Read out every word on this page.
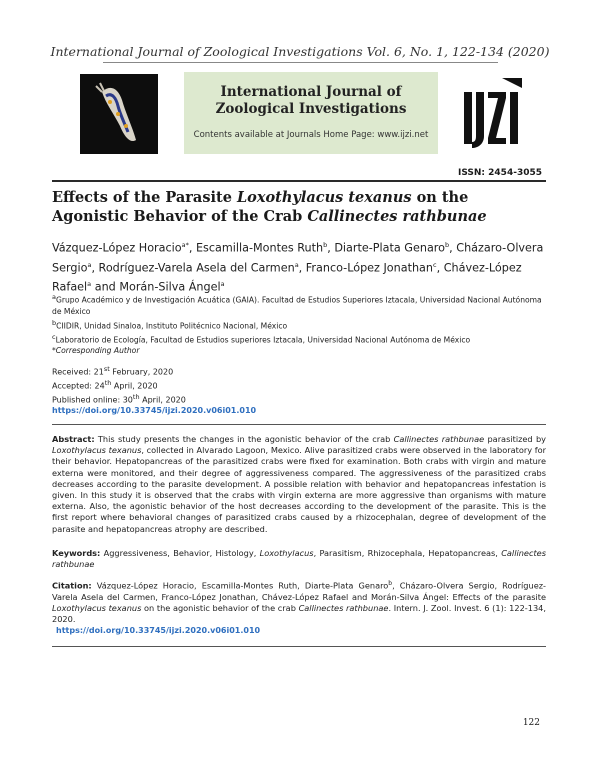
International Journal of Zoological Investigations Vol. 6, No. 1, 122-134 (2020)
International Journal of Zoological Investigations
Contents available at Journals Home Page: www.ijzi.net
ISSN: 2454-3055
Effects of the Parasite Loxothylacus texanus on the Agonistic Behavior of the Crab Callinectes rathbunae
Vázquez-López Horacio$^{a*}$, Escamilla-Montes Ruth$^b$, Diarte-Plata Genaro$^b$, Cházaro-Olvera Sergio$^a$, Rodríguez-Varela Asela del Carmen$^a$, Franco-López Jonathan$^c$, Chávez-López Rafael$^a$ and Morán-Silva Ángel$^a$
$^a$Grupo Académico y de Investigación Acuática (GAIA). Facultad de Estudios Superiores Iztacala, Universidad Nacional Autónoma de México
$^b$CIIDIR, Unidad Sinaloa, Instituto Politécnico Nacional, México
$^c$Laboratorio de Ecología, Facultad de Estudios superiores Iztacala, Universidad Nacional Autónoma de México
*Corresponding Author
Received: 21st February, 2020
Accepted: 24th April, 2020
Published online: 30th April, 2020
https://doi.org/10.33745/ijzi.2020.v06i01.010
Abstract: This study presents the changes in the agonistic behavior of the crab Callinectes rathbunae parasitized by Loxothylacus texanus, collected in Alvarado Lagoon, Mexico. Alive parasitized crabs were observed in the laboratory for their behavior. Hepatopancreas of the parasitized crabs were fixed for examination. Both crabs with virgin and mature externa were monitored, and their degree of aggressiveness compared. The aggressiveness of the parasitized crabs decreases according to the parasite development. A possible relation with behavior and hepatopancreas infestation is given. In this study it is observed that the crabs with virgin externa are more aggressive than organisms with mature externa. Also, the agonistic behavior of the host decreases according to the development of the parasite. This is the first report where behavioral changes of parasitized crabs caused by a rhizocephalan, degree of development of the parasite and hepatopancreas atrophy are described.
Keywords: Aggressiveness, Behavior, Histology, Loxothylacus, Parasitism, Rhizocephala, Hepatopancreas, Callinectes rathbunae
Citation: Vázquez-López Horacio, Escamilla-Montes Ruth, Diarte-Plata Genaro$^b$, Cházaro-Olvera Sergio, Rodríguez-Varela Asela del Carmen, Franco-López Jonathan, Chávez-López Rafael and Morán-Silva Ángel: Effects of the parasite Loxothylacus texanus on the agonistic behavior of the crab Callinectes rathbunae. Intern. J. Zool. Invest. 6 (1): 122-134, 2020.
https://doi.org/10.33745/ijzi.2020.v06i01.010
122
